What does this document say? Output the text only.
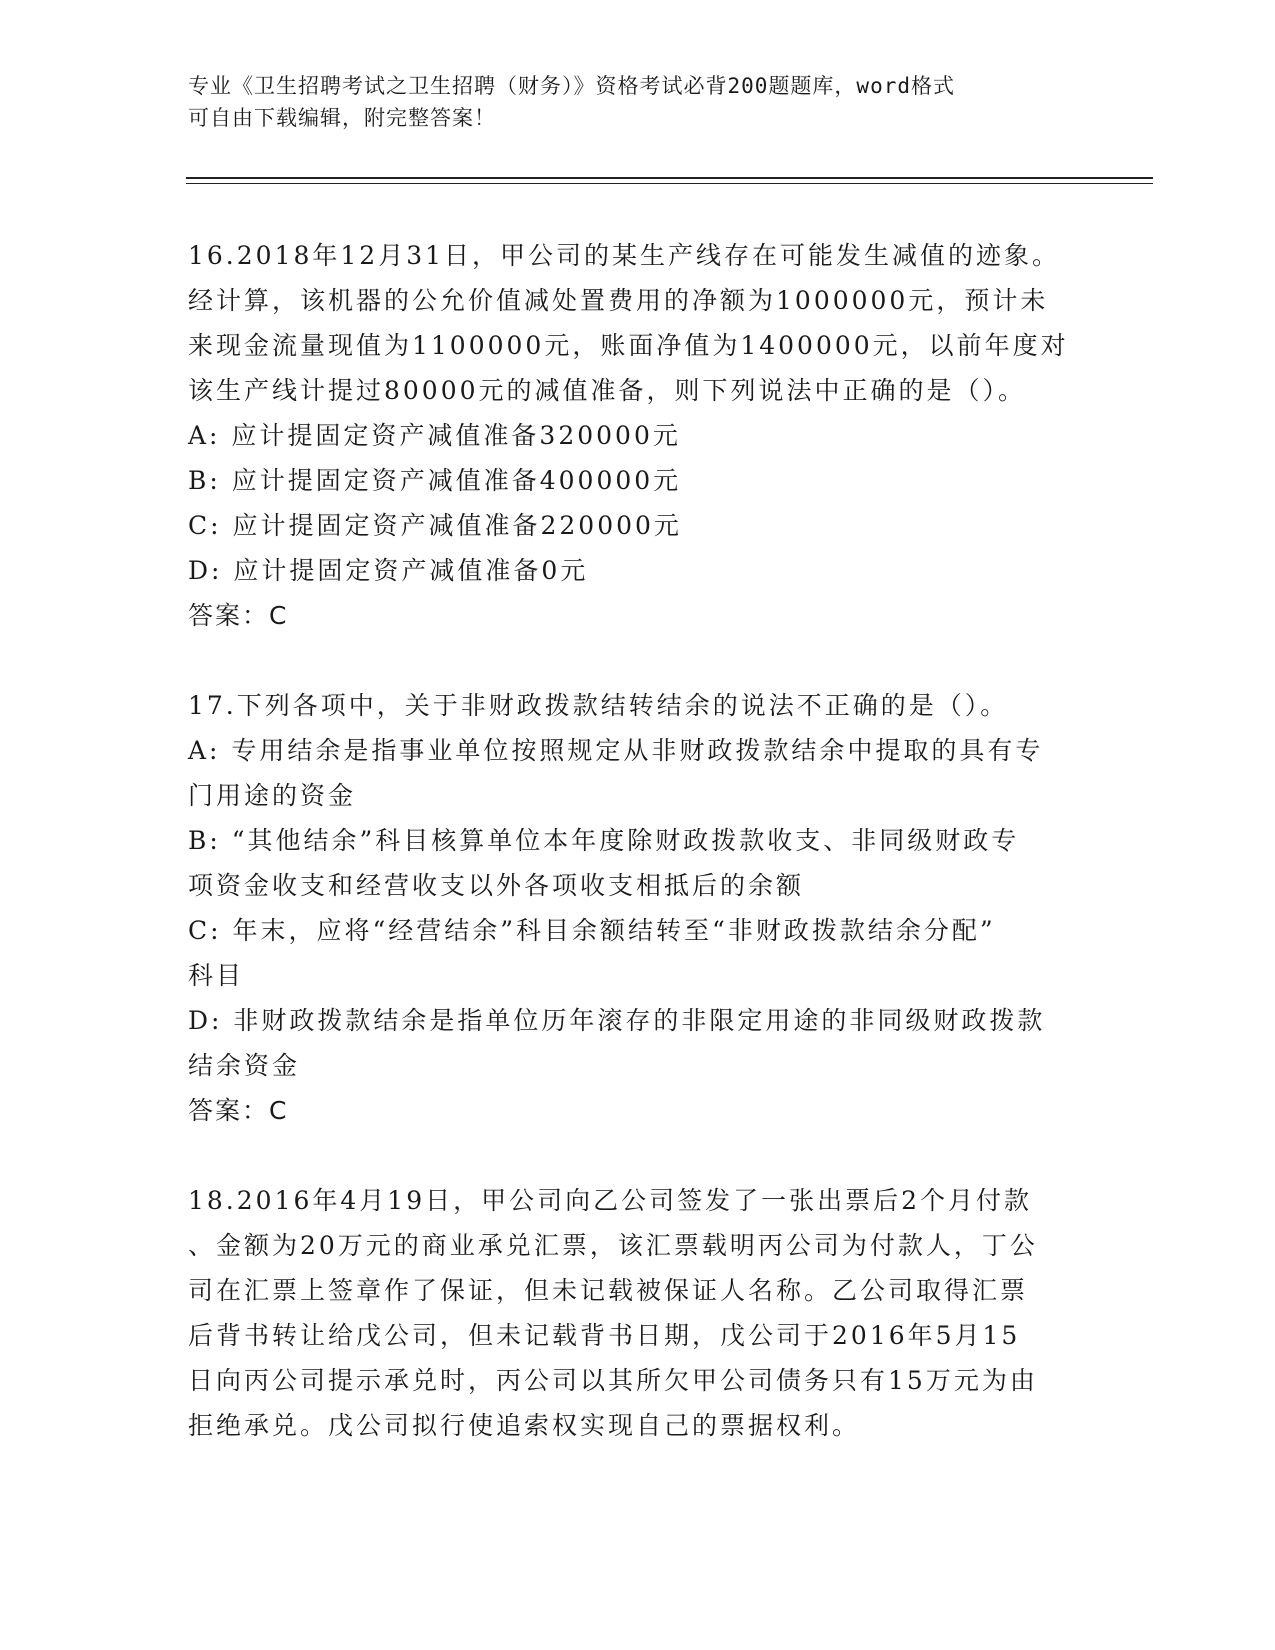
专业《卫生招聘考试之卫生招聘（财务）》资格考试必背200题题库，word格式
可自由下载编辑，附完整答案！

16.2018年12月31日，甲公司的某生产线存在可能发生减值的迹象。

经计算，该机器的公允价值减处置费用的净额为1000000元，预计未

来现金流量现值为1100000元，账面净值为1400000元，以前年度对

该生产线计提过80000元的减值准备，则下列说法中正确的是（）。

A: 应计提固定资产减值准备320000元

B: 应计提固定资产减值准备400000元

C: 应计提固定资产减值准备220000元

D: 应计提固定资产减值准备0元

答案：C

17.下列各项中，关于非财政拨款结转结余的说法不正确的是（）。

A: 专用结余是指事业单位按照规定从非财政拨款结余中提取的具有专

门用途的资金

B: “其他结余”科目核算单位本年度除财政拨款收支、非同级财政专

项资金收支和经营收支以外各项收支相抵后的余额

C: 年末，应将“经营结余”科目余额结转至“非财政拨款结余分配”

科目

D: 非财政拨款结余是指单位历年滚存的非限定用途的非同级财政拨款

结余资金

答案：C

18.2016年4月19日，甲公司向乙公司签发了一张出票后2个月付款

、金额为20万元的商业承兑汇票，该汇票载明丙公司为付款人，丁公

司在汇票上签章作了保证，但未记载被保证人名称。乙公司取得汇票

后背书转让给戊公司，但未记载背书日期，戊公司于2016年5月15

日向丙公司提示承兑时，丙公司以其所欠甲公司债务只有15万元为由

拒绝承兑。戊公司拟行使追索权实现自己的票据权利。
